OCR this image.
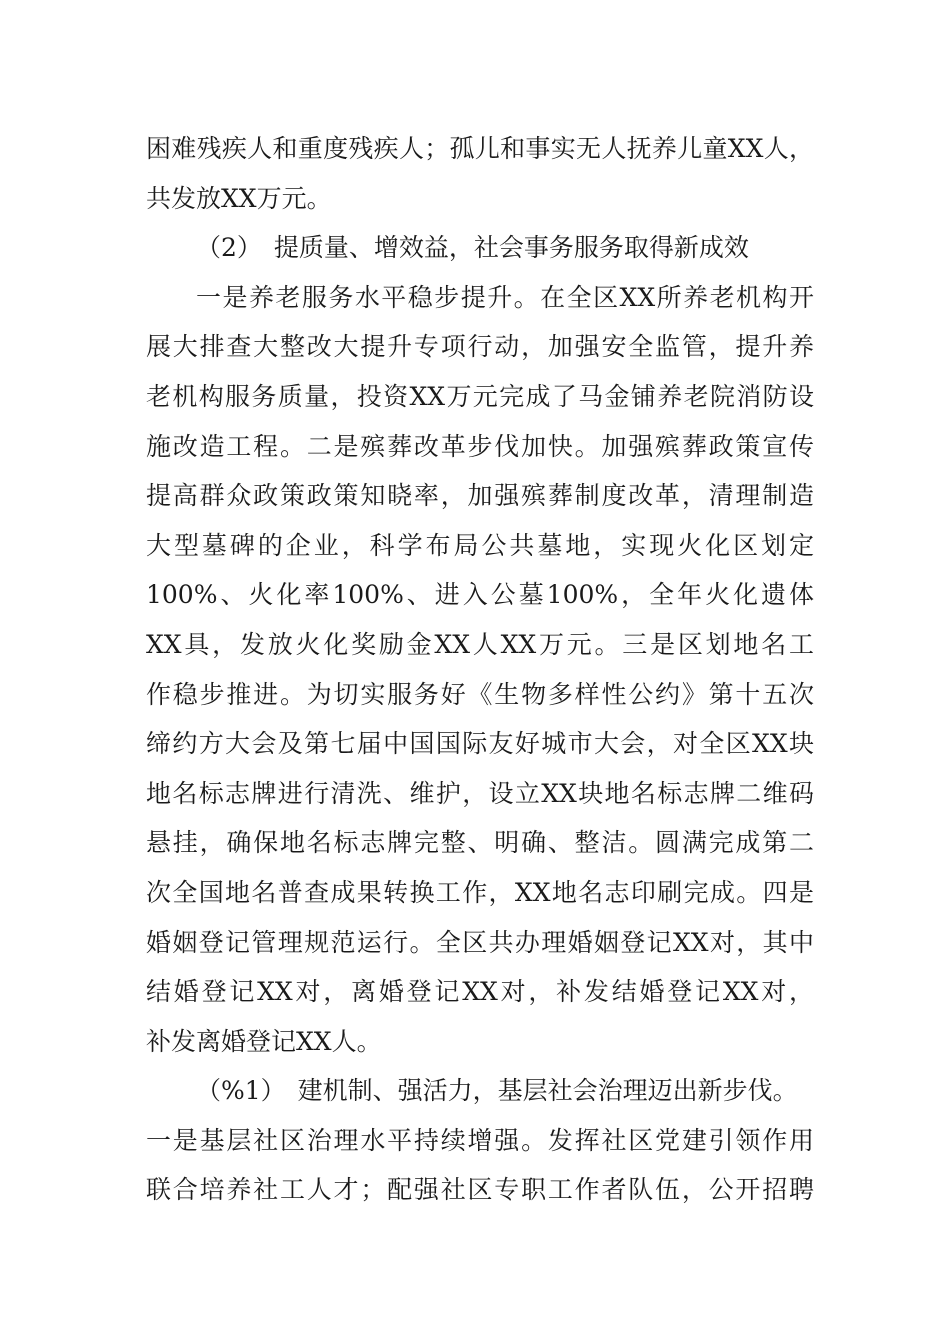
困难残疾人和重度残疾人；孤儿和事实无人抚养儿童XX人，
共发放XX万元。
（2） 提质量、增效益，社会事务服务取得新成效
一是养老服务水平稳步提升。在全区XX所养老机构开
展大排查大整改大提升专项行动，加强安全监管，提升养
老机构服务质量，投资XX万元完成了马金铺养老院消防设
施改造工程。二是殡葬改革步伐加快。加强殡葬政策宣传
提高群众政策政策知晓率，加强殡葬制度改革，清理制造
大型墓碑的企业，科学布局公共墓地，实现火化区划定
100%、火化率100%、进入公墓100%，全年火化遗体
XX具，发放火化奖励金XX人XX万元。三是区划地名工
作稳步推进。为切实服务好《生物多样性公约》第十五次
缔约方大会及第七届中国国际友好城市大会，对全区XX块
地名标志牌进行清洗、维护，设立XX块地名标志牌二维码
悬挂，确保地名标志牌完整、明确、整洁。圆满完成第二
次全国地名普查成果转换工作，XX地名志印刷完成。四是
婚姻登记管理规范运行。全区共办理婚姻登记XX对，其中
结婚登记XX对，离婚登记XX对，补发结婚登记XX对，
补发离婚登记XX人。
（%1） 建机制、强活力，基层社会治理迈出新步伐。
一是基层社区治理水平持续增强。发挥社区党建引领作用
联合培养社工人才；配强社区专职工作者队伍，公开招聘
